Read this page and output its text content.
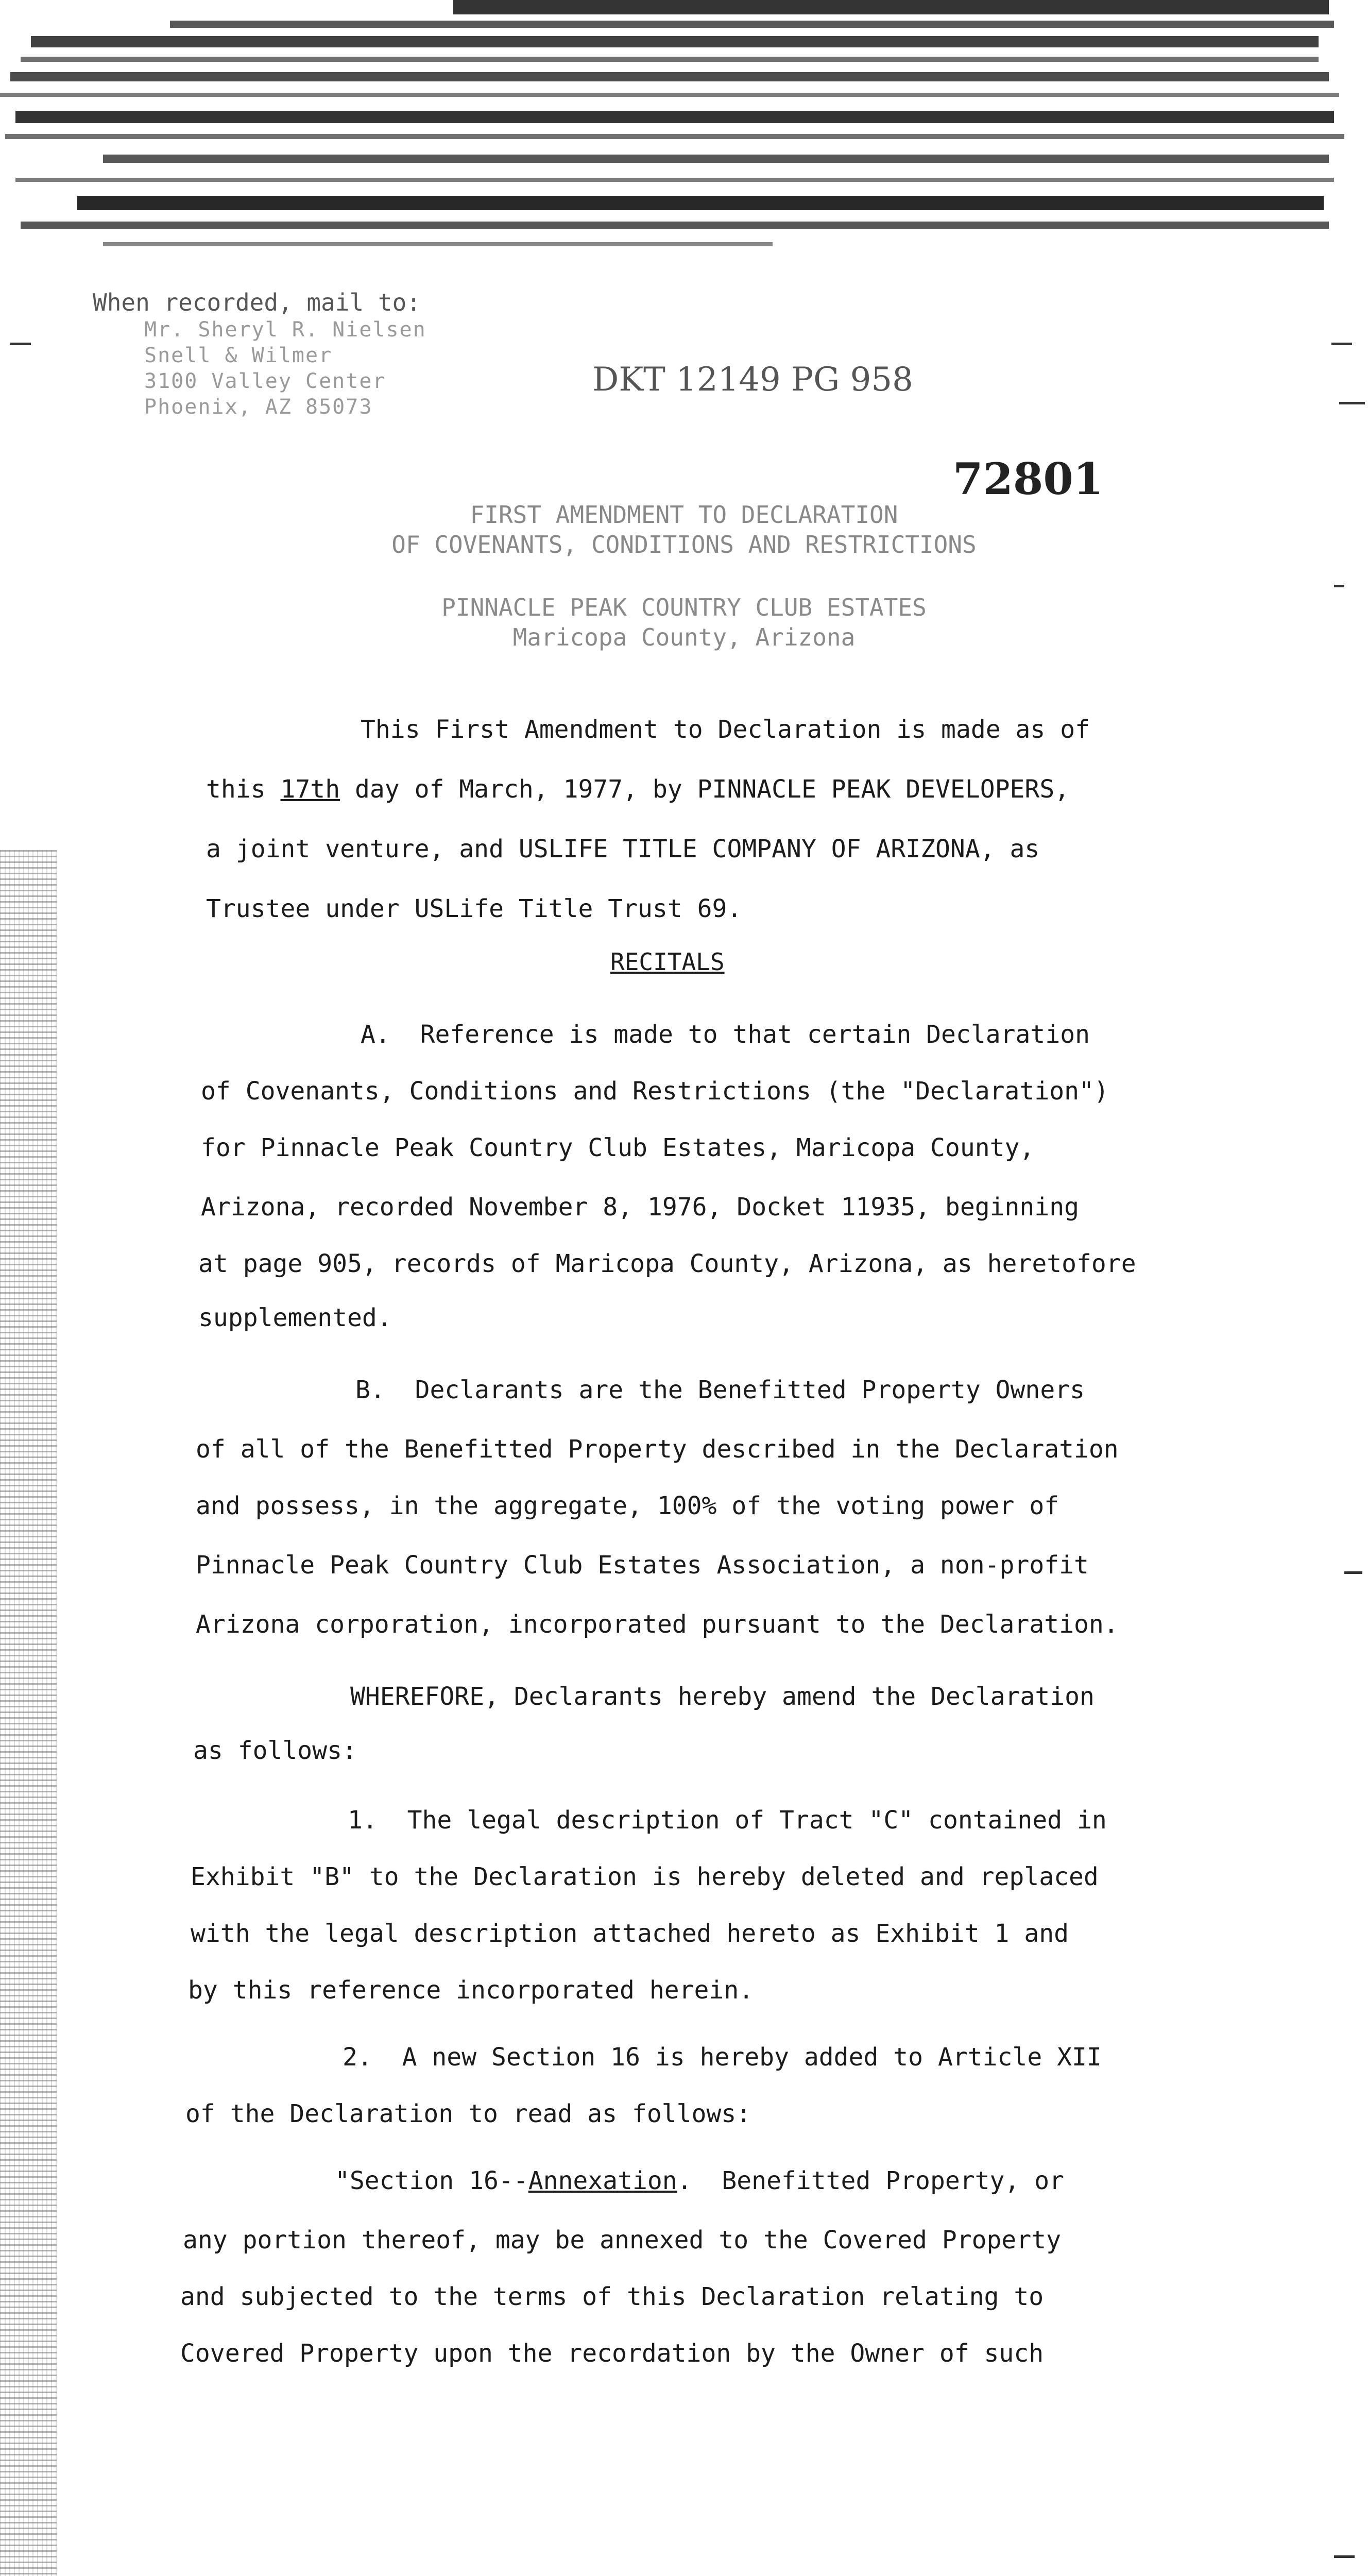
When recorded, mail to:
Mr. Sheryl R. Nielsen
Snell & Wilmer
3100 Valley Center
Phoenix, AZ 85073
DKT 12149 PG 958
72801
FIRST AMENDMENT TO DECLARATION
OF COVENANTS, CONDITIONS AND RESTRICTIONS
PINNACLE PEAK COUNTRY CLUB ESTATES
Maricopa County, Arizona
This First Amendment to Declaration is made as of
this 17th day of March, 1977, by PINNACLE PEAK DEVELOPERS,
a joint venture, and USLIFE TITLE COMPANY OF ARIZONA, as
Trustee under USLife Title Trust 69.
RECITALS
A.  Reference is made to that certain Declaration
of Covenants, Conditions and Restrictions (the "Declaration")
for Pinnacle Peak Country Club Estates, Maricopa County,
Arizona, recorded November 8, 1976, Docket 11935, beginning
at page 905, records of Maricopa County, Arizona, as heretofore
supplemented.
B.  Declarants are the Benefitted Property Owners
of all of the Benefitted Property described in the Declaration
and possess, in the aggregate, 100% of the voting power of
Pinnacle Peak Country Club Estates Association, a non-profit
Arizona corporation, incorporated pursuant to the Declaration.
WHEREFORE, Declarants hereby amend the Declaration
as follows:
1.  The legal description of Tract "C" contained in
Exhibit "B" to the Declaration is hereby deleted and replaced
with the legal description attached hereto as Exhibit 1 and
by this reference incorporated herein.
2.  A new Section 16 is hereby added to Article XII
of the Declaration to read as follows:
"Section 16--Annexation.  Benefitted Property, or
any portion thereof, may be annexed to the Covered Property
and subjected to the terms of this Declaration relating to
Covered Property upon the recordation by the Owner of such
